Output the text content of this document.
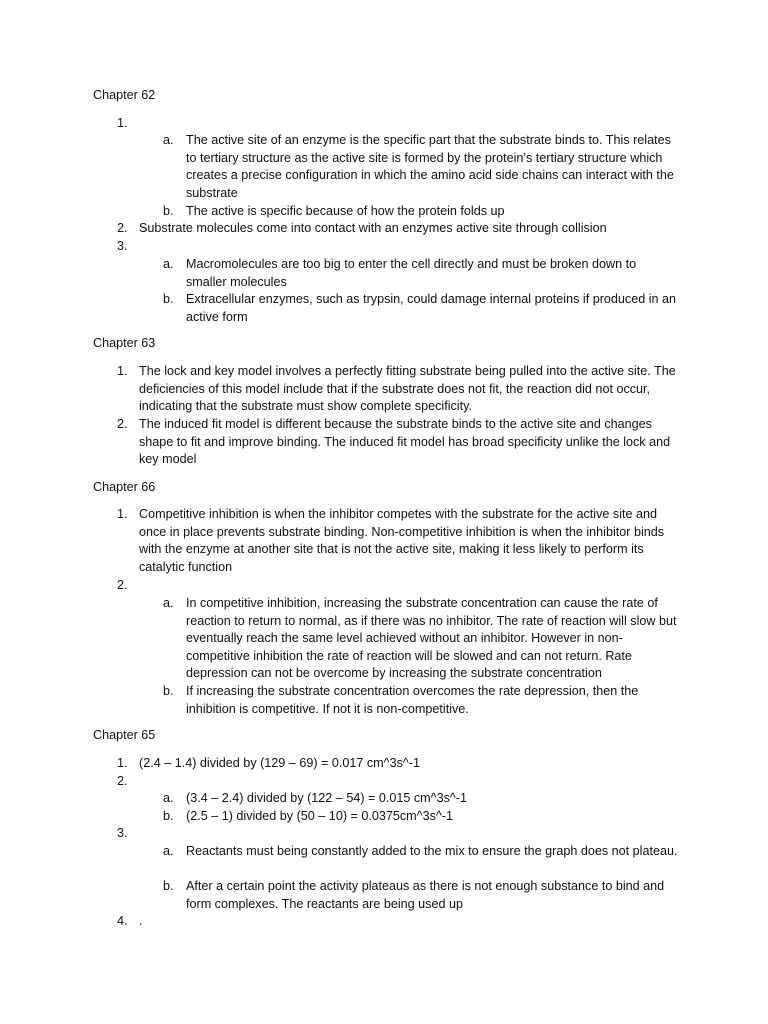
Chapter 62
1.
a. The active site of an enzyme is the specific part that the substrate binds to. This relates to tertiary structure as the active site is formed by the protein’s tertiary structure which creates a precise configuration in which the amino acid side chains can interact with the substrate
b. The active is specific because of how the protein folds up
2. Substrate molecules come into contact with an enzymes active site through collision
3.
a. Macromolecules are too big to enter the cell directly and must be broken down to smaller molecules
b. Extracellular enzymes, such as trypsin, could damage internal proteins if produced in an active form
Chapter 63
1. The lock and key model involves a perfectly fitting substrate being pulled into the active site. The deficiencies of this model include that if the substrate does not fit, the reaction did not occur, indicating that the substrate must show complete specificity.
2. The induced fit model is different because the substrate binds to the active site and changes shape to fit and improve binding. The induced fit model has broad specificity unlike the lock and key model
Chapter 66
1. Competitive inhibition is when the inhibitor competes with the substrate for the active site and once in place prevents substrate binding. Non-competitive inhibition is when the inhibitor binds with the enzyme at another site that is not the active site, making it less likely to perform its catalytic function
2.
a. In competitive inhibition, increasing the substrate concentration can cause the rate of reaction to return to normal, as if there was no inhibitor. The rate of reaction will slow but eventually reach the same level achieved without an inhibitor. However in non-competitive inhibition the rate of reaction will be slowed and can not return. Rate depression can not be overcome by increasing the substrate concentration
b. If increasing the substrate concentration overcomes the rate depression, then the inhibition is competitive. If not it is non-competitive.
Chapter 65
1. (2.4 – 1.4) divided by (129 – 69) = 0.017 cm^3s^-1
2.
a. (3.4 – 2.4) divided by (122 – 54) = 0.015 cm^3s^-1
b. (2.5 – 1) divided by (50 – 10) = 0.0375cm^3s^-1
3.
a. Reactants must being constantly added to the mix to ensure the graph does not plateau.
b. After a certain point the activity plateaus as there is not enough substance to bind and form complexes. The reactants are being used up
4. .
